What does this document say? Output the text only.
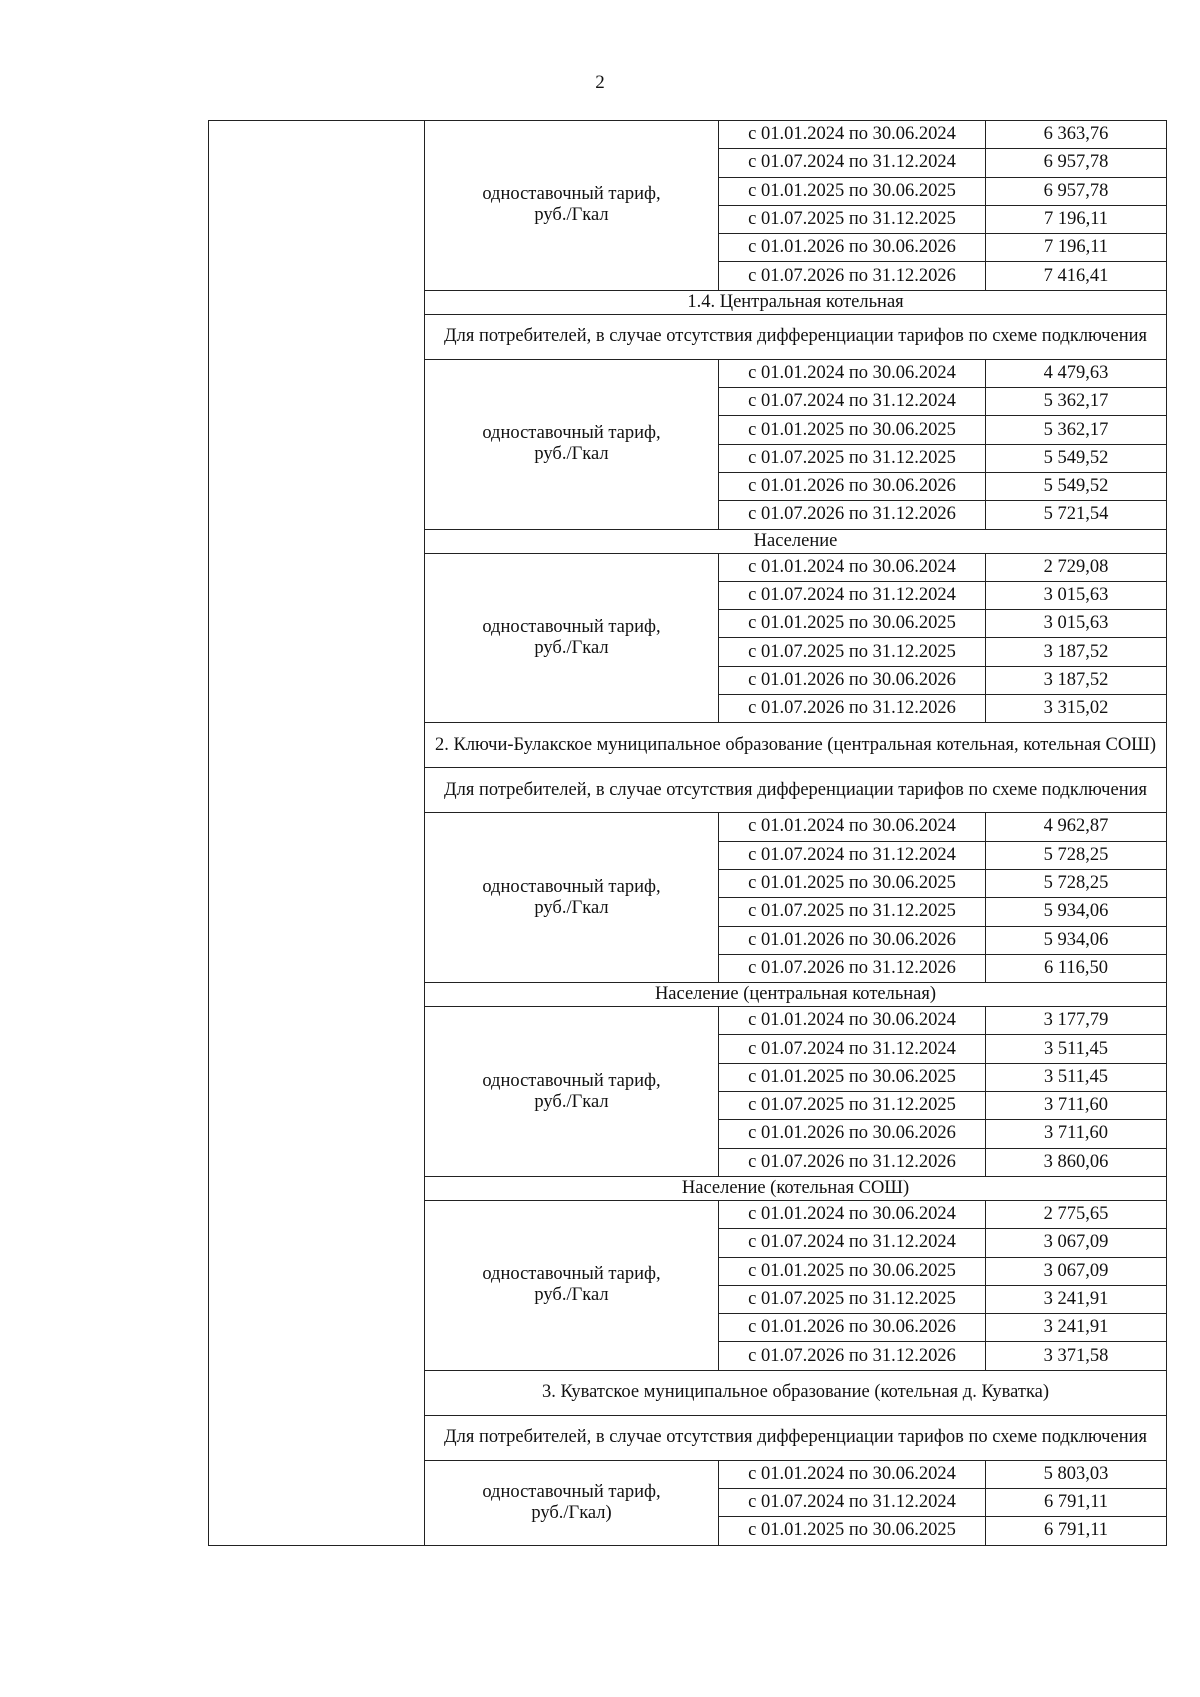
2
	одноставочный тариф,
руб./Гкал	с 01.01.2024 по 30.06.2024	6 363,76
		с 01.07.2024 по 31.12.2024	6 957,78
		с 01.01.2025 по 30.06.2025	6 957,78
		с 01.07.2025 по 31.12.2025	7 196,11
		с 01.01.2026 по 30.06.2026	7 196,11
		с 01.07.2026 по 31.12.2026	7 416,41
	1.4. Центральная котельная		
	Для потребителей, в случае отсутствия дифференциации тарифов по схеме подключения		
	одноставочный тариф,
руб./Гкал	с 01.01.2024 по 30.06.2024	4 479,63
		с 01.07.2024 по 31.12.2024	5 362,17
		с 01.01.2025 по 30.06.2025	5 362,17
		с 01.07.2025 по 31.12.2025	5 549,52
		с 01.01.2026 по 30.06.2026	5 549,52
		с 01.07.2026 по 31.12.2026	5 721,54
	Население		
	одноставочный тариф,
руб./Гкал	с 01.01.2024 по 30.06.2024	2 729,08
		с 01.07.2024 по 31.12.2024	3 015,63
		с 01.01.2025 по 30.06.2025	3 015,63
		с 01.07.2025 по 31.12.2025	3 187,52
		с 01.01.2026 по 30.06.2026	3 187,52
		с 01.07.2026 по 31.12.2026	3 315,02
	2. Ключи-Булакское муниципальное образование (центральная котельная, котельная СОШ)		
	Для потребителей, в случае отсутствия дифференциации тарифов по схеме подключения		
	одноставочный тариф,
руб./Гкал	с 01.01.2024 по 30.06.2024	4 962,87
		с 01.07.2024 по 31.12.2024	5 728,25
		с 01.01.2025 по 30.06.2025	5 728,25
		с 01.07.2025 по 31.12.2025	5 934,06
		с 01.01.2026 по 30.06.2026	5 934,06
		с 01.07.2026 по 31.12.2026	6 116,50
	Население (центральная котельная)		
	одноставочный тариф,
руб./Гкал	с 01.01.2024 по 30.06.2024	3 177,79
		с 01.07.2024 по 31.12.2024	3 511,45
		с 01.01.2025 по 30.06.2025	3 511,45
		с 01.07.2025 по 31.12.2025	3 711,60
		с 01.01.2026 по 30.06.2026	3 711,60
		с 01.07.2026 по 31.12.2026	3 860,06
	Население (котельная СОШ)		
	одноставочный тариф,
руб./Гкал	с 01.01.2024 по 30.06.2024	2 775,65
		с 01.07.2024 по 31.12.2024	3 067,09
		с 01.01.2025 по 30.06.2025	3 067,09
		с 01.07.2025 по 31.12.2025	3 241,91
		с 01.01.2026 по 30.06.2026	3 241,91
		с 01.07.2026 по 31.12.2026	3 371,58
	3. Куватское муниципальное образование (котельная д. Куватка)		
	Для потребителей, в случае отсутствия дифференциации тарифов по схеме подключения		
	одноставочный тариф,
руб./Гкал)	с 01.01.2024 по 30.06.2024	5 803,03
		с 01.07.2024 по 31.12.2024	6 791,11
		с 01.01.2025 по 30.06.2025	6 791,11
